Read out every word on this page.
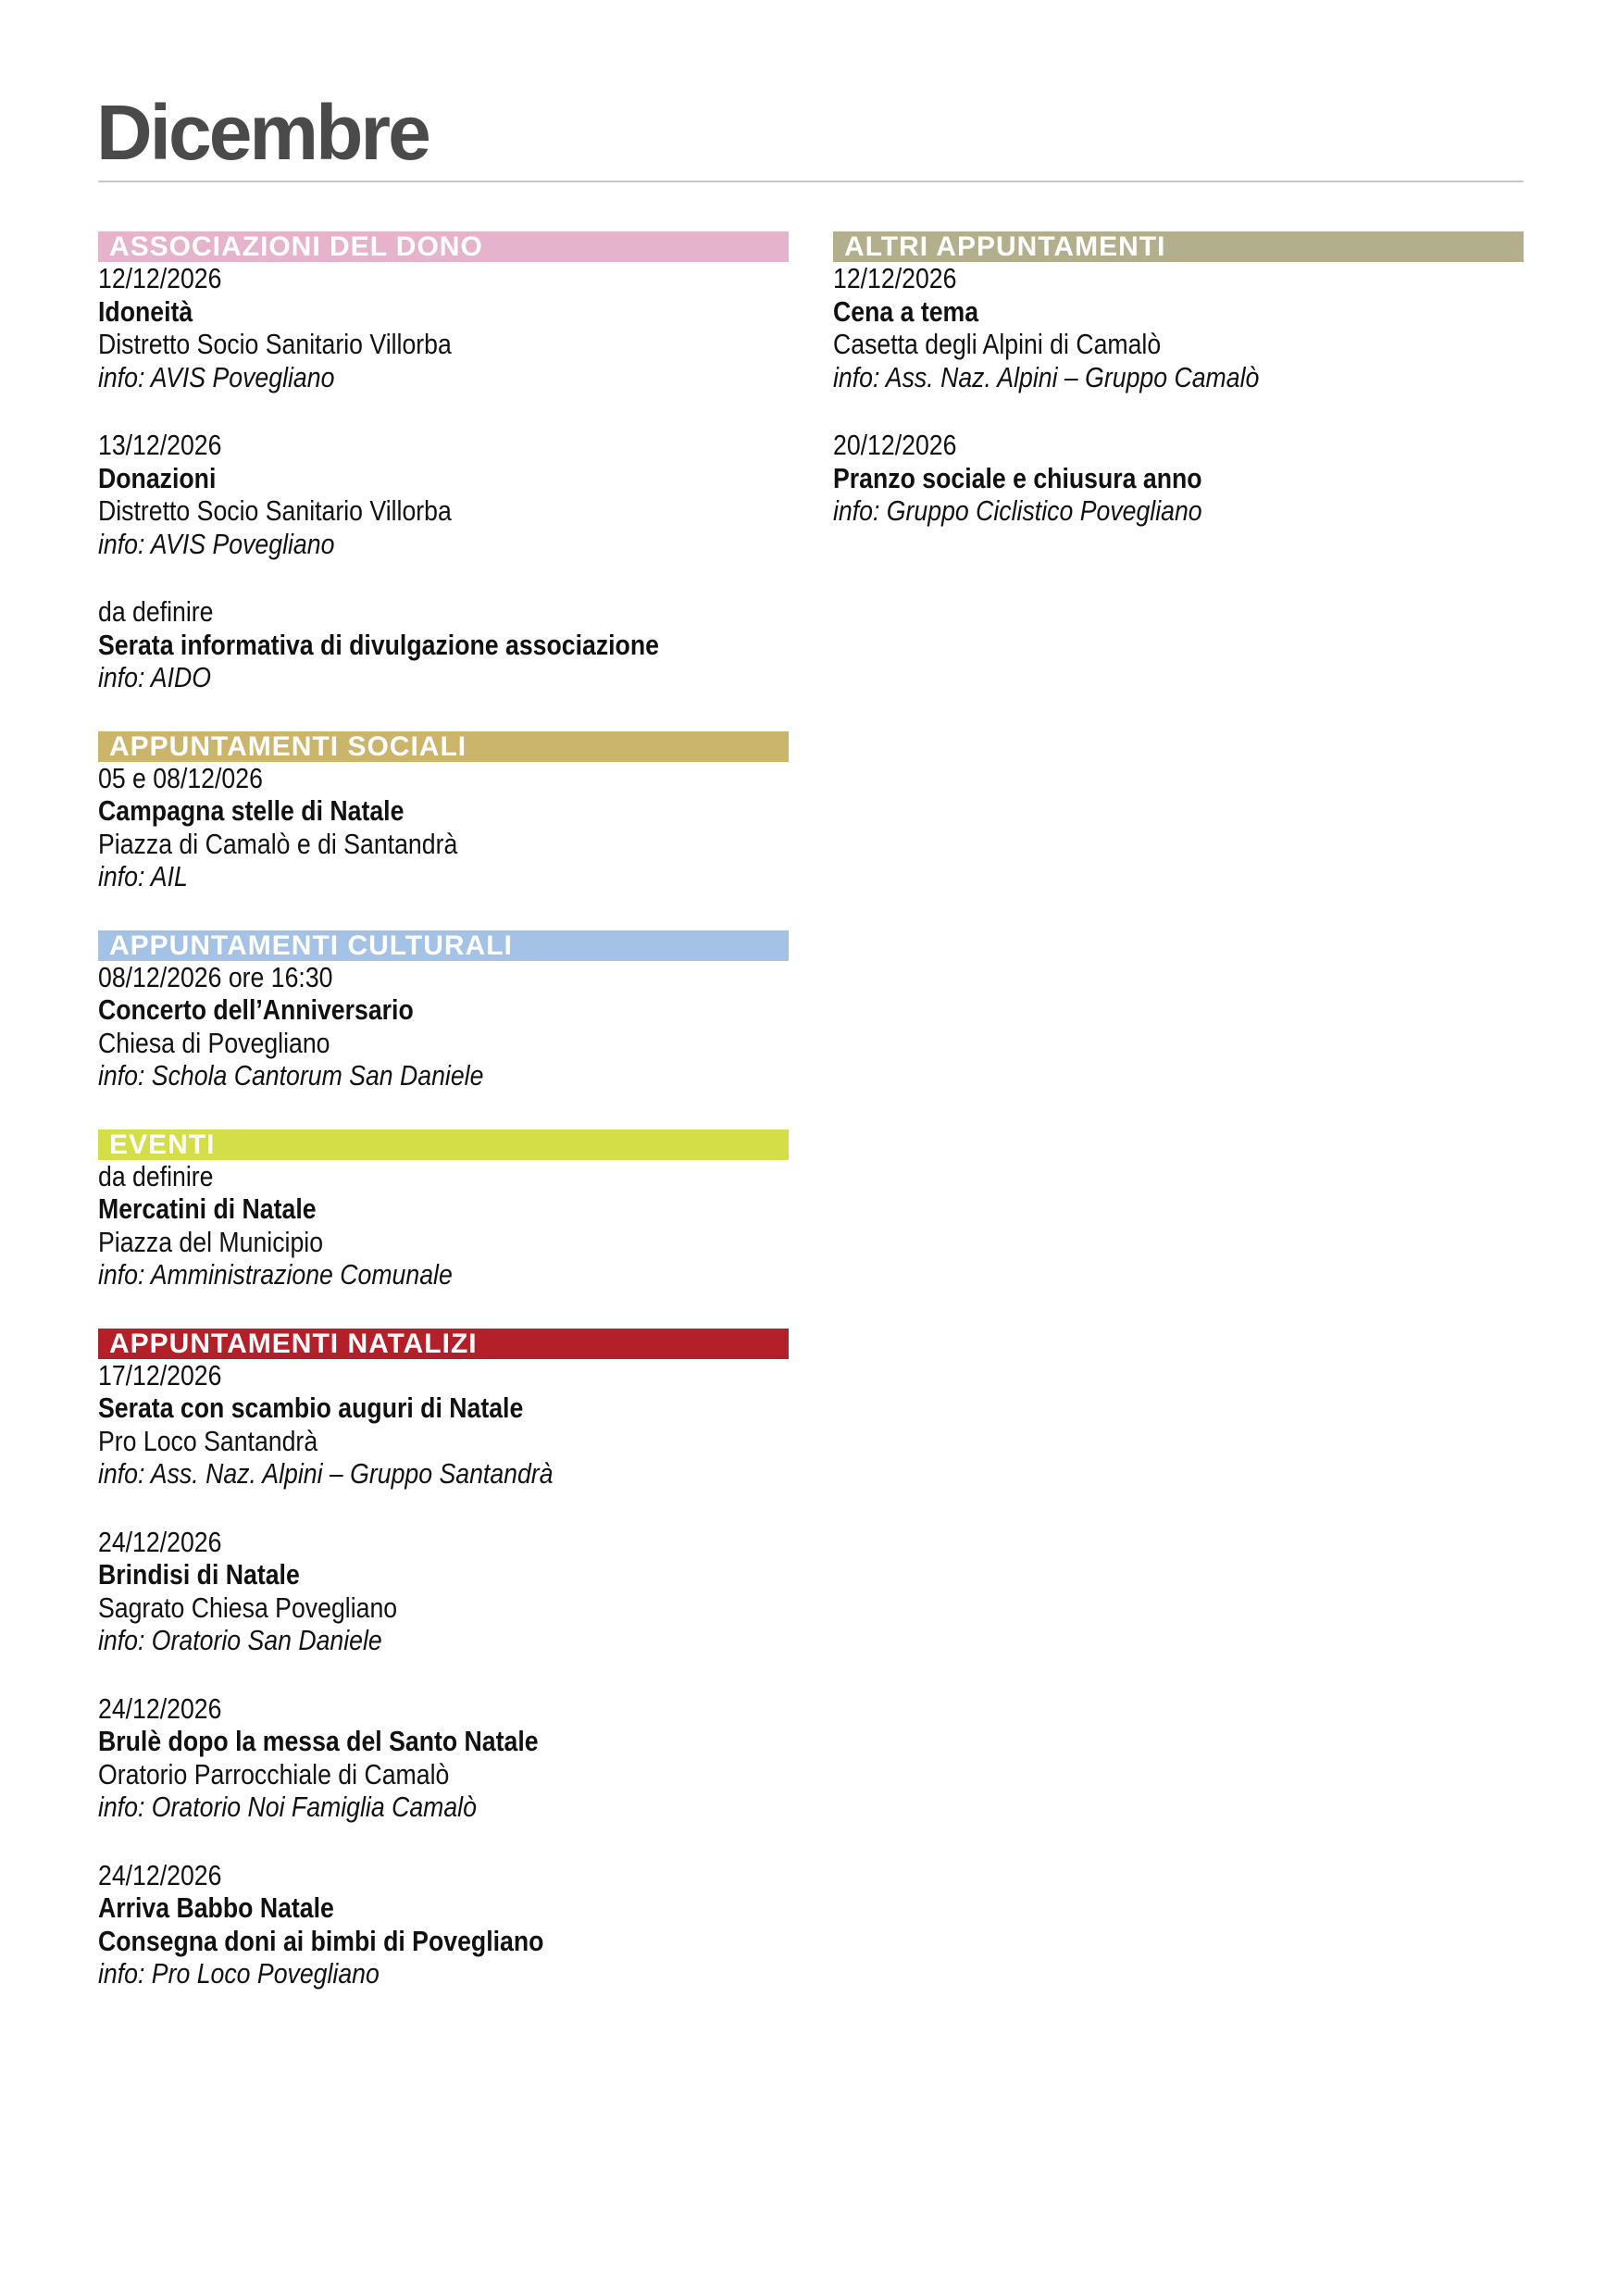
Dicembre
ASSOCIAZIONI DEL DONO
12/12/2026
Idoneità
Distretto Socio Sanitario Villorba
info: AVIS Povegliano
13/12/2026
Donazioni
Distretto Socio Sanitario Villorba
info: AVIS Povegliano
da definire
Serata informativa di divulgazione associazione
info: AIDO
APPUNTAMENTI SOCIALI
05 e 08/12/026
Campagna stelle di Natale
Piazza di Camalò e di Santandrà
info: AIL
APPUNTAMENTI CULTURALI
08/12/2026 ore 16:30
Concerto dell’Anniversario
Chiesa di Povegliano
info: Schola Cantorum San Daniele
EVENTI
da definire
Mercatini di Natale
Piazza del Municipio
info: Amministrazione Comunale
APPUNTAMENTI NATALIZI
17/12/2026
Serata con scambio auguri di Natale
Pro Loco Santandrà
info: Ass. Naz. Alpini – Gruppo Santandrà
24/12/2026
Brindisi di Natale
Sagrato Chiesa Povegliano
info: Oratorio San Daniele
24/12/2026
Brulè dopo la messa del Santo Natale
Oratorio Parrocchiale di Camalò
info: Oratorio Noi Famiglia Camalò
24/12/2026
Arriva Babbo Natale
Consegna doni ai bimbi di Povegliano
info: Pro Loco Povegliano
ALTRI APPUNTAMENTI
12/12/2026
Cena a tema
Casetta degli Alpini di Camalò
info: Ass. Naz. Alpini – Gruppo Camalò
20/12/2026
Pranzo sociale e chiusura anno
info: Gruppo Ciclistico Povegliano
